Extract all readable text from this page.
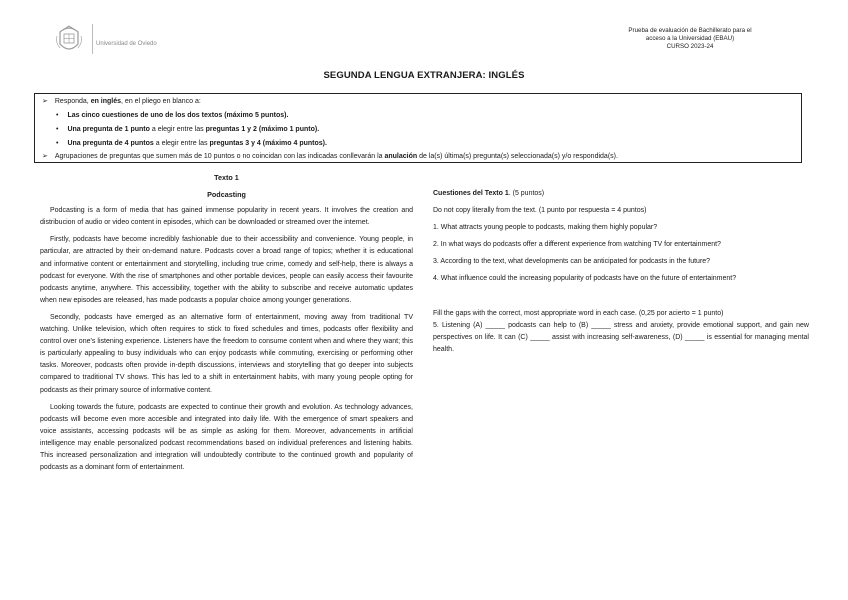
Universidad de Oviedo
Prueba de evaluación de Bachillerato para el
acceso a la Universidad (EBAU)
CURSO 2023-24
SEGUNDA LENGUA EXTRANJERA: INGLÉS
➢ Responda, en inglés, en el pliego en blanco a:
• Las cinco cuestiones de uno de los dos textos (máximo 5 puntos).
• Una pregunta de 1 punto a elegir entre las preguntas 1 y 2 (máximo 1 punto).
• Una pregunta de 4 puntos a elegir entre las preguntas 3 y 4 (máximo 4 puntos).
➢ Agrupaciones de preguntas que sumen más de 10 puntos o no coincidan con las indicadas conllevarán la anulación de la(s) última(s) pregunta(s) seleccionada(s) y/o respondida(s).
Texto 1
Podcasting

Podcasting is a form of media that has gained immense popularity in recent years. It involves the creation and distribucion of audio or video content in episodes, which can be downloaded or streamed over the internet.

Firstly, podcasts have become incredibly fashionable due to their accessibility and convenience. Young people, in particular, are attracted by their on-demand nature. Podcasts cover a broad range of topics; whether it is educational and informative content or entertainment and storytelling, including true crime, comedy and self-help, there is always a podcast for everyone. With the rise of smartphones and other portable devices, people can easily access their favourite podcasts anytime, anywhere. This accessibility, together with the ability to subscribe and receive automatic updates when new episodes are released, has made podcasts a popular choice among younger generations.

Secondly, podcasts have emerged as an alternative form of entertainment, moving away from traditional TV watching. Unlike television, which often requires to stick to fixed schedules and times, podcasts offer flexibility and control over one's listening experience. Listeners have the freedom to consume content when and where they want; this is particularly appealing to busy individuals who can enjoy podcasts while commuting, exercising or performing other tasks. Moreover, podcasts often provide in-depth discussions, interviews and storytelling that go deeper into subjects compared to traditional TV shows. This has led to a shift in entertainment habits, with many young people opting for podcasts as their primary source of informative content.

Looking towards the future, podcasts are expected to continue their growth and evolution. As technology advances, podcasts will become even more accesible and integrated into daily life. With the emergence of smart speakers and voice assistants, accessing podcasts will be as simple as asking for them. Moreover, advancements in artificial intelligence may enable personalized podcast recommendations based on individual preferences and listening habits. This increased personalization and integration will undoubtedly contribute to the continued growth and popularity of podcasts as a dominant form of entertainment.

Cuestiones del Texto 1. (5 puntos)
Do not copy literally from the text. (1 punto por respuesta = 4 puntos)
1. What attracts young people to podcasts, making them highly popular?
2. In what ways do podcasts offer a different experience from watching TV for entertainment?
3. According to the text, what developments can be anticipated for podcasts in the future?
4. What influence could the increasing popularity of podcasts have on the future of entertainment?
Fill the gaps with the correct, most appropriate word in each case. (0,25 por acierto = 1 punto)

5. Listening (A) _____ podcasts can help to (B) _____ stress and anxiety, provide emotional support, and gain new perspectives on life. It can (C) _____ assist with increasing self-awareness, (D) _____ is essential for managing mental health.
